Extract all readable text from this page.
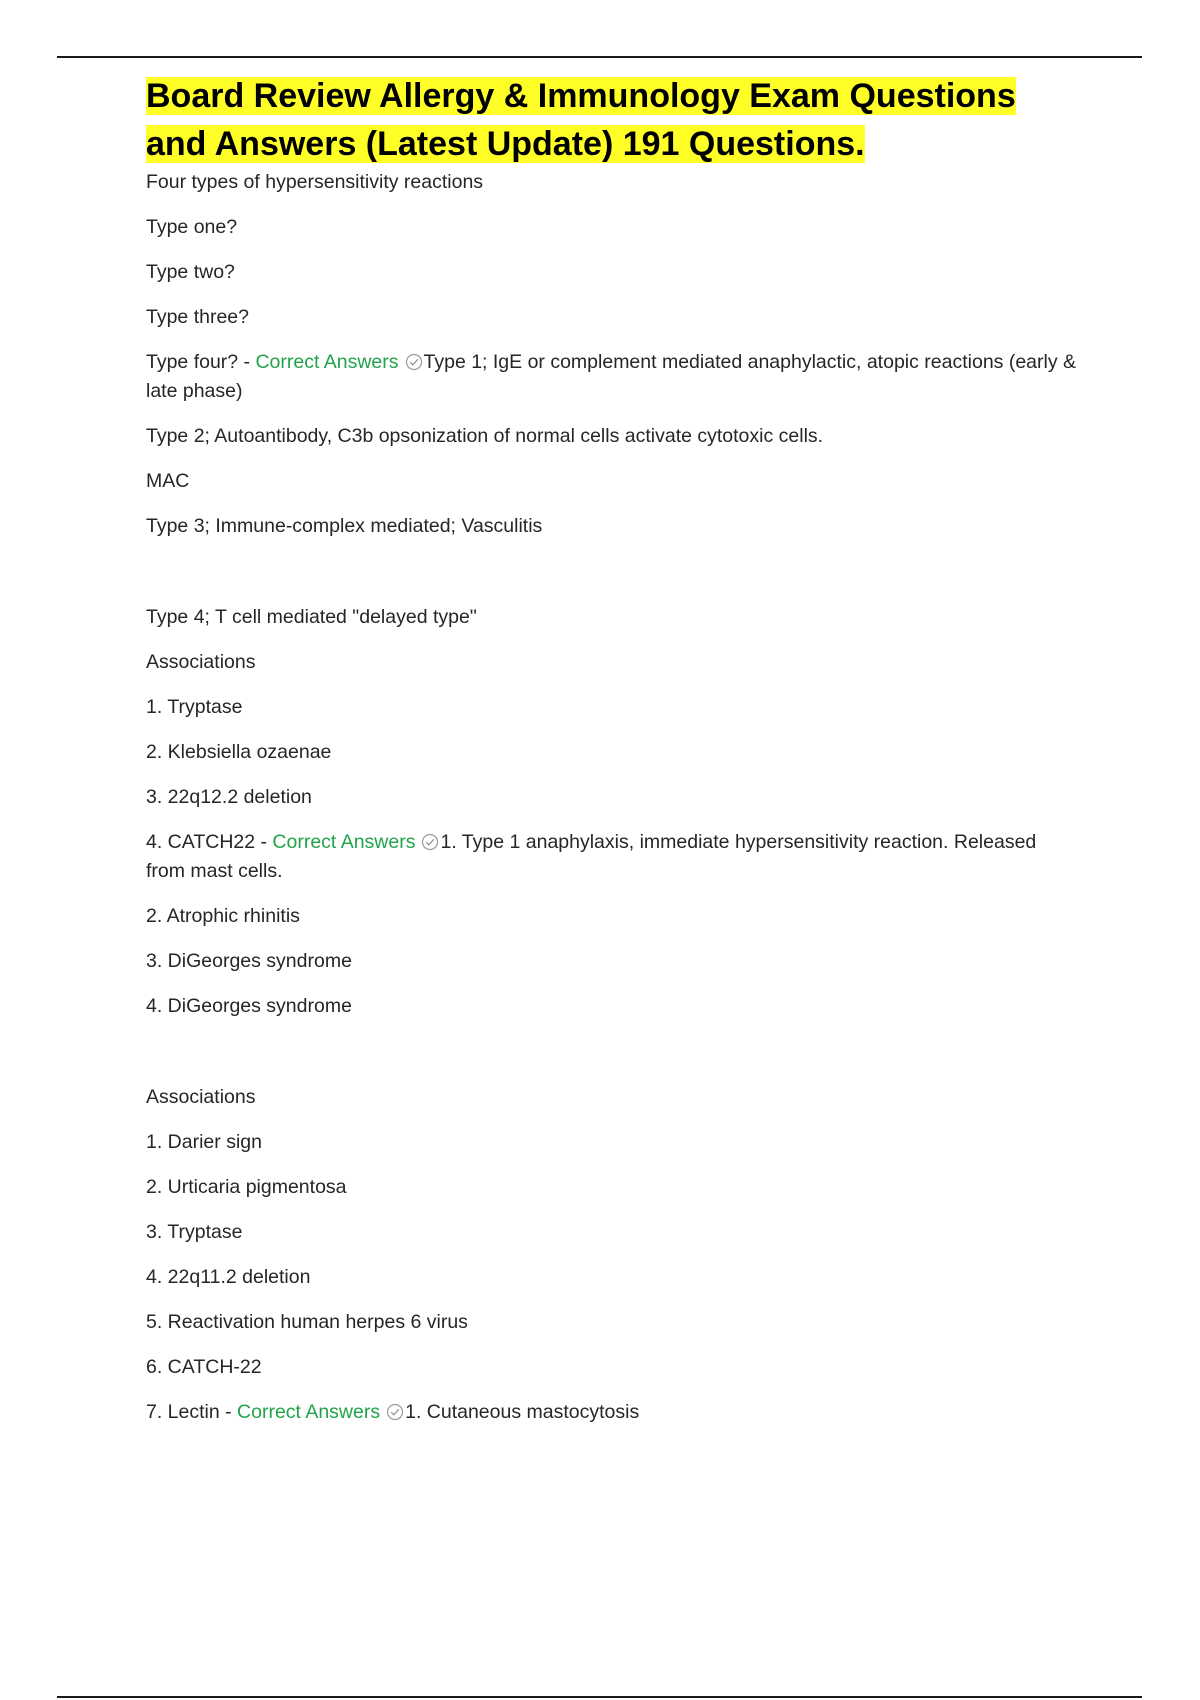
Board Review Allergy & Immunology Exam Questions
and Answers (Latest Update) 191 Questions.

Four types of hypersensitivity reactions

Type one?

Type two?

Type three?

Type four? - Correct Answers Type 1; IgE or complement mediated anaphylactic, atopic reactions (early & late phase)

Type 2; Autoantibody, C3b opsonization of normal cells activate cytotoxic cells.

MAC

Type 3; Immune-complex mediated; Vasculitis

Type 4; T cell mediated "delayed type"

Associations

1. Tryptase

2. Klebsiella ozaenae

3. 22q12.2 deletion

4. CATCH22 - Correct Answers 1. Type 1 anaphylaxis, immediate hypersensitivity reaction. Released from mast cells.

2. Atrophic rhinitis

3. DiGeorges syndrome

4. DiGeorges syndrome

Associations

1. Darier sign

2. Urticaria pigmentosa

3. Tryptase

4. 22q11.2 deletion

5. Reactivation human herpes 6 virus

6. CATCH-22

7. Lectin - Correct Answers 1. Cutaneous mastocytosis
